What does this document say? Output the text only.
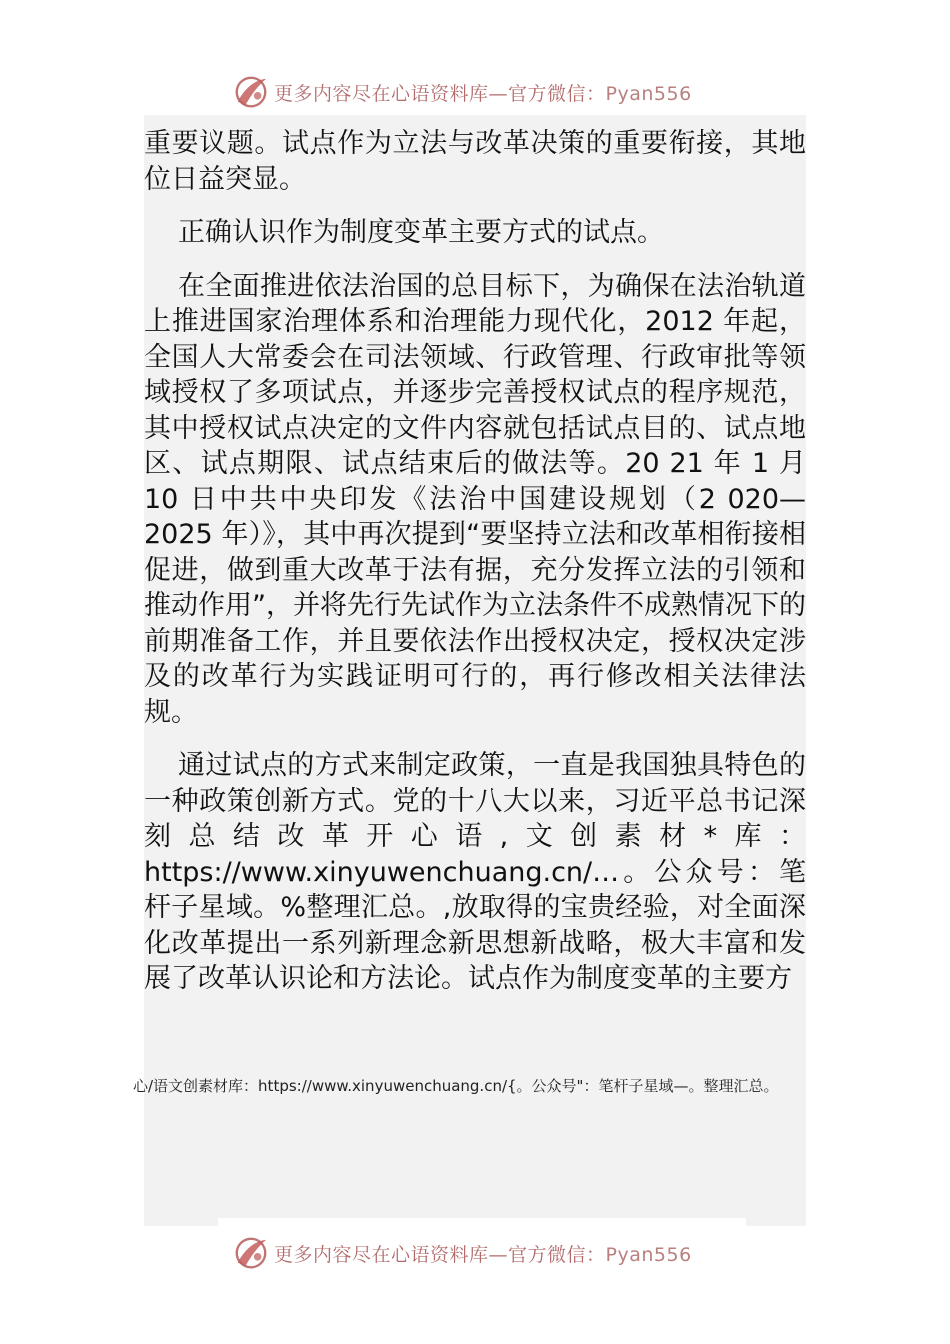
更多内容尽在心语资料库—官方微信：Pyan556

重要议题。试点作为立法与改革决策的重要衔接，其地位日益突显。

正确认识作为制度变革主要方式的试点。

在全面推进依法治国的总目标下，为确保在法治轨道上推进国家治理体系和治理能力现代化，2012 年起，全国人大常委会在司法领域、行政管理、行政审批等领域授权了多项试点，并逐步完善授权试点的程序规范，其中授权试点决定的文件内容就包括试点目的、试点地区、试点期限、试点结束后的做法等。20 21 年 1 月 10 日中共中央印发《法治中国建设规划（2 020—2025 年）》，其中再次提到“要坚持立法和改革相衔接相促进，做到重大改革于法有据，充分发挥立法的引领和推动作用”，并将先行先试作为立法条件不成熟情况下的前期准备工作，并且要依法作出授权决定，授权决定涉及的改革行为实践证明可行的，再行修改相关法律法规。

通过试点的方式来制定政策，一直是我国独具特色的一种政策创新方式。党的十八大以来，习近平总书记深刻总结改革开心语,文创素材*库：https://www.xinyuwenchuang.cn/…。公众号：笔杆子星域。%整理汇总。,放取得的宝贵经验，对全面深化改革提出一系列新理念新思想新战略，极大丰富和发展了改革认识论和方法论。试点作为制度变革的主要方

心/语文创素材库：https://www.xinyuwenchuang.cn/{。公众号"：笔杆子星域—。整理汇总。
更多内容尽在心语资料库—官方微信：Pyan556
